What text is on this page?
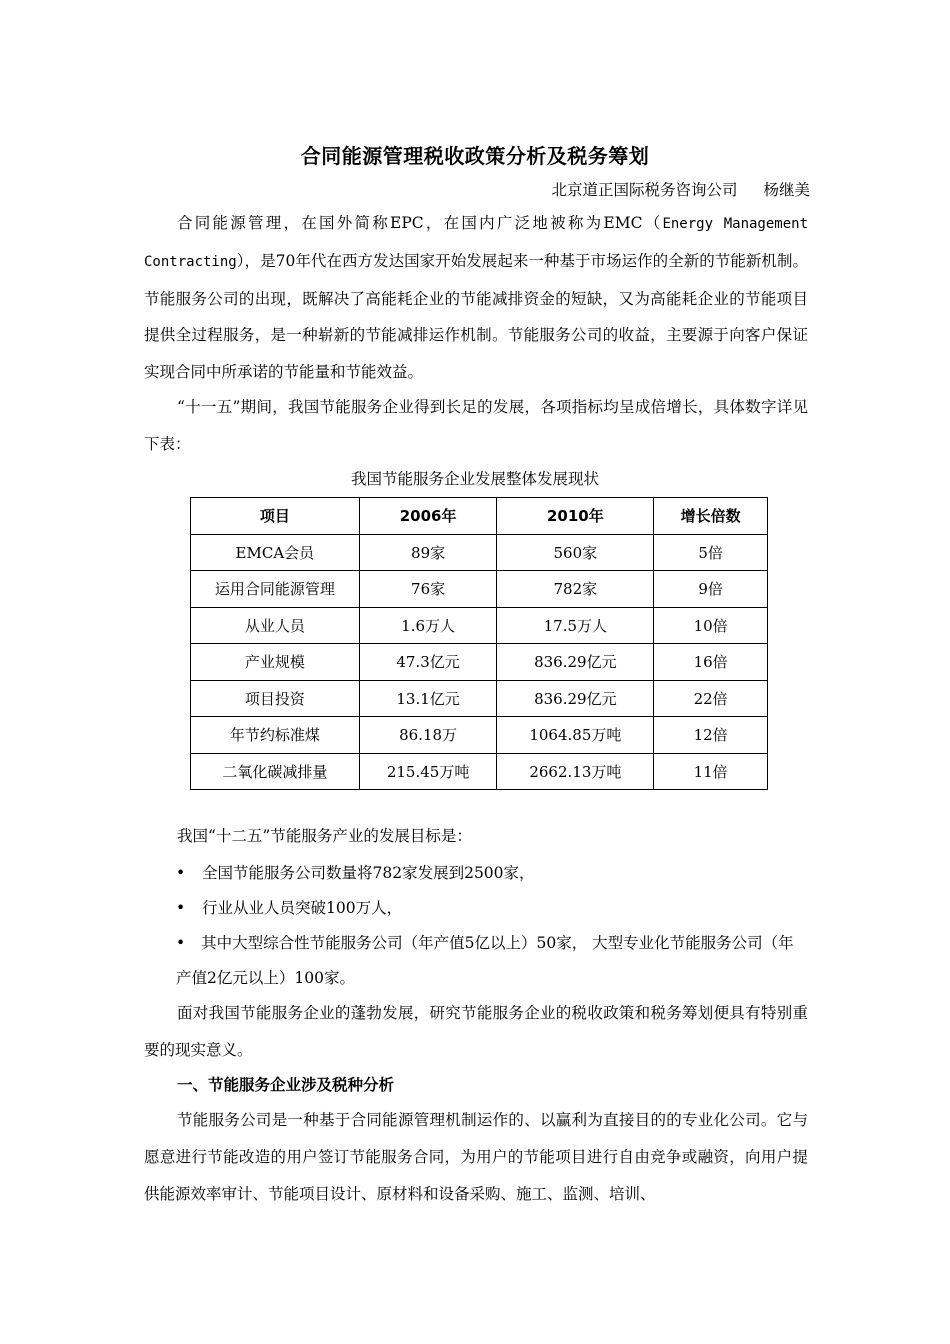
合同能源管理税收政策分析及税务筹划
北京道正国际税务咨询公司 杨继美
合同能源管理，在国外简称EPC，在国内广泛地被称为EMC（Energy Management Contracting），是70年代在西方发达国家开始发展起来一种基于市场运作的全新的节能新机制。节能服务公司的出现，既解决了高能耗企业的节能减排资金的短缺，又为高能耗企业的节能项目提供全过程服务，是一种崭新的节能减排运作机制。节能服务公司的收益，主要源于向客户保证实现合同中所承诺的节能量和节能效益。
“十一五”期间，我国节能服务企业得到长足的发展，各项指标均呈成倍增长，具体数字详见下表：
我国节能服务企业发展整体发展现状
项目	2006年	2010年	增长倍数
EMCA会员	89家	560家	5倍
运用合同能源管理	76家	782家	9倍
从业人员	1.6万人	17.5万人	10倍
产业规模	47.3亿元	836.29亿元	16倍
项目投资	13.1亿元	836.29亿元	22倍
年节约标准煤	86.18万	1064.85万吨	12倍
二氧化碳减排量	215.45万吨	2662.13万吨	11倍
我国“十二五”节能服务产业的发展目标是：
• 全国节能服务公司数量将782家发展到2500家，
• 行业从业人员突破100万人，
• 其中大型综合性节能服务公司（年产值5亿以上）50家， 大型专业化节能服务公司（年产值2亿元以上）100家。
面对我国节能服务企业的蓬勃发展，研究节能服务企业的税收政策和税务筹划便具有特别重要的现实意义。
一、节能服务企业涉及税种分析
节能服务公司是一种基于合同能源管理机制运作的、以赢利为直接目的的专业化公司。它与愿意进行节能改造的用户签订节能服务合同，为用户的节能项目进行自由竞争或融资，向用户提供能源效率审计、节能项目设计、原材料和设备采购、施工、监测、培训、
